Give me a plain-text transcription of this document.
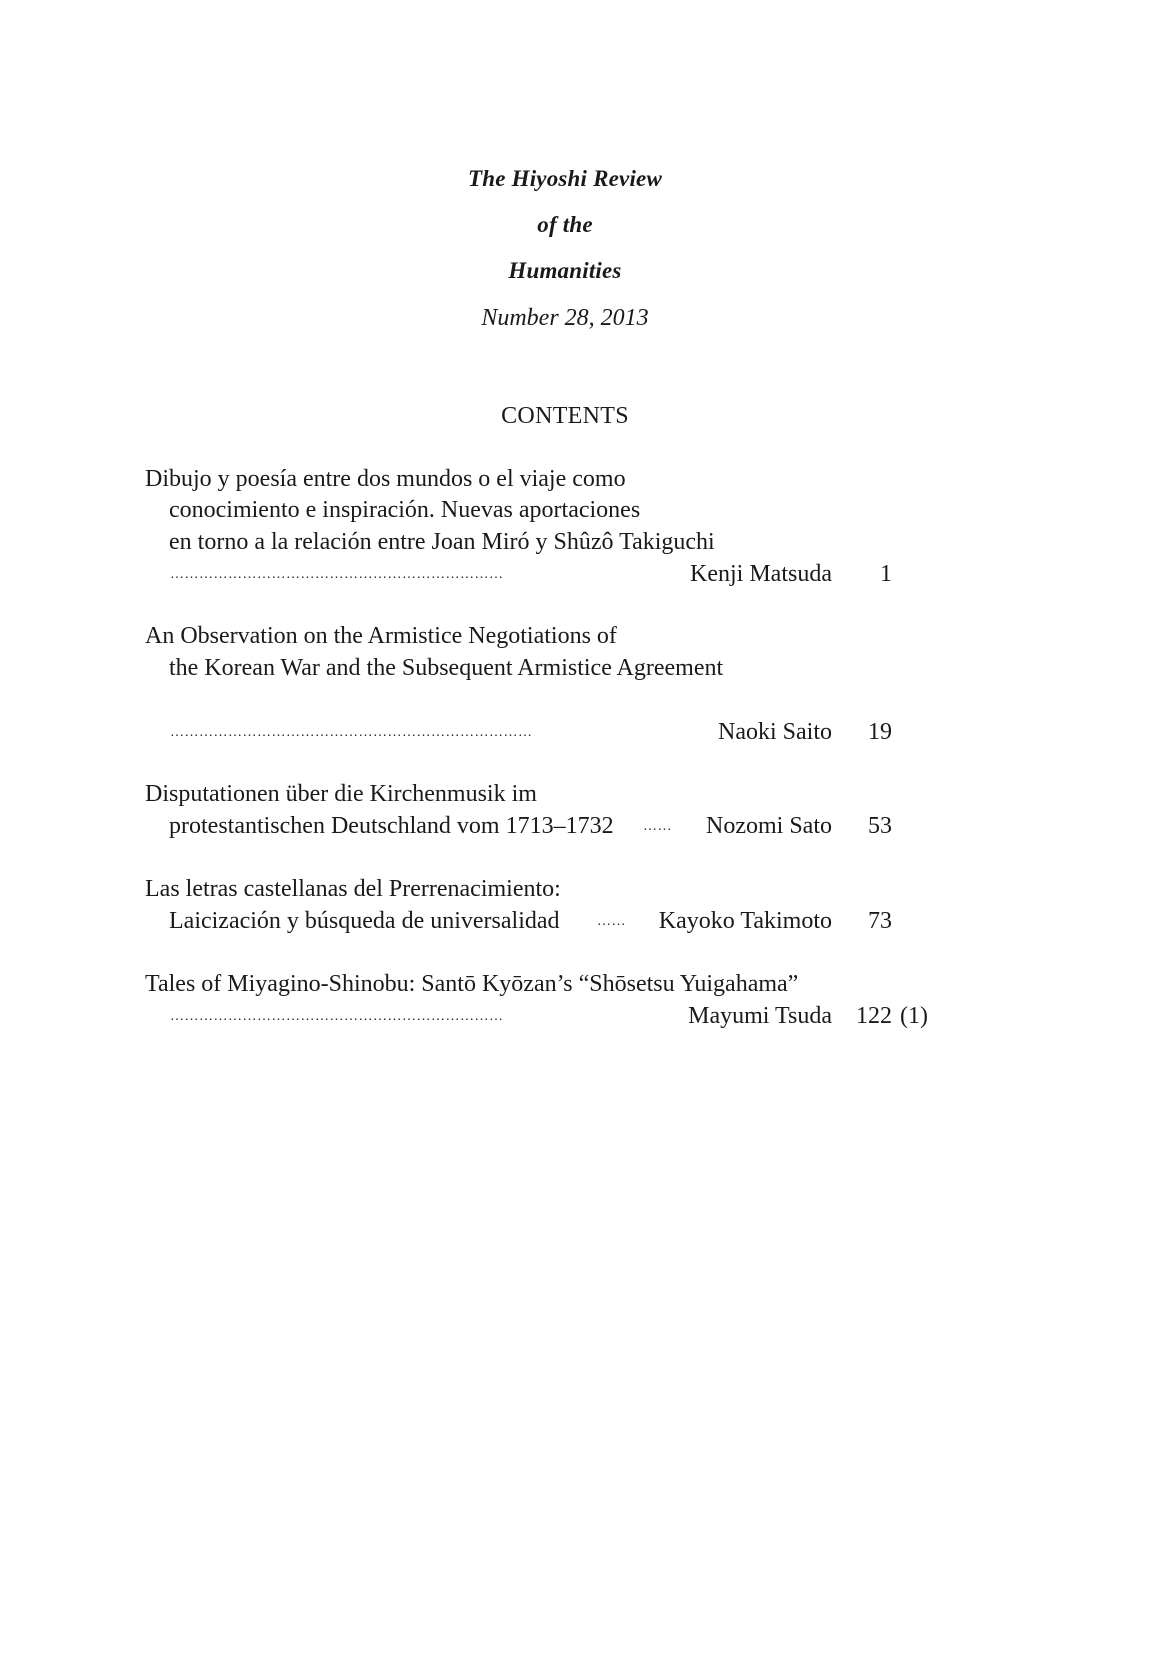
The Hiyoshi Review
of the
Humanities
Number 28, 2013
CONTENTS
Dibujo y poesía entre dos mundos o el viaje como
conocimiento e inspiración. Nuevas aportaciones
en torno a la relación entre Joan Miró y Shûzô Takiguchi
……………………………………………………………	Kenji Matsuda	1
An Observation on the Armistice Negotiations of
the Korean War and the Subsequent Armistice Agreement
…………………………………………………………………	Naoki Saito	19
Disputationen über die Kirchenmusik im
protestantischen Deutschland vom 1713–1732 ……	Nozomi Sato	53
Las letras castellanas del Prerrenacimiento:
Laicización y búsqueda de universalidad	……	Kayoko Takimoto	73
Tales of Miyagino-Shinobu: Santō Kyōzan’s “Shōsetsu Yuigahama”
……………………………………………………………	Mayumi Tsuda 122 (1)
